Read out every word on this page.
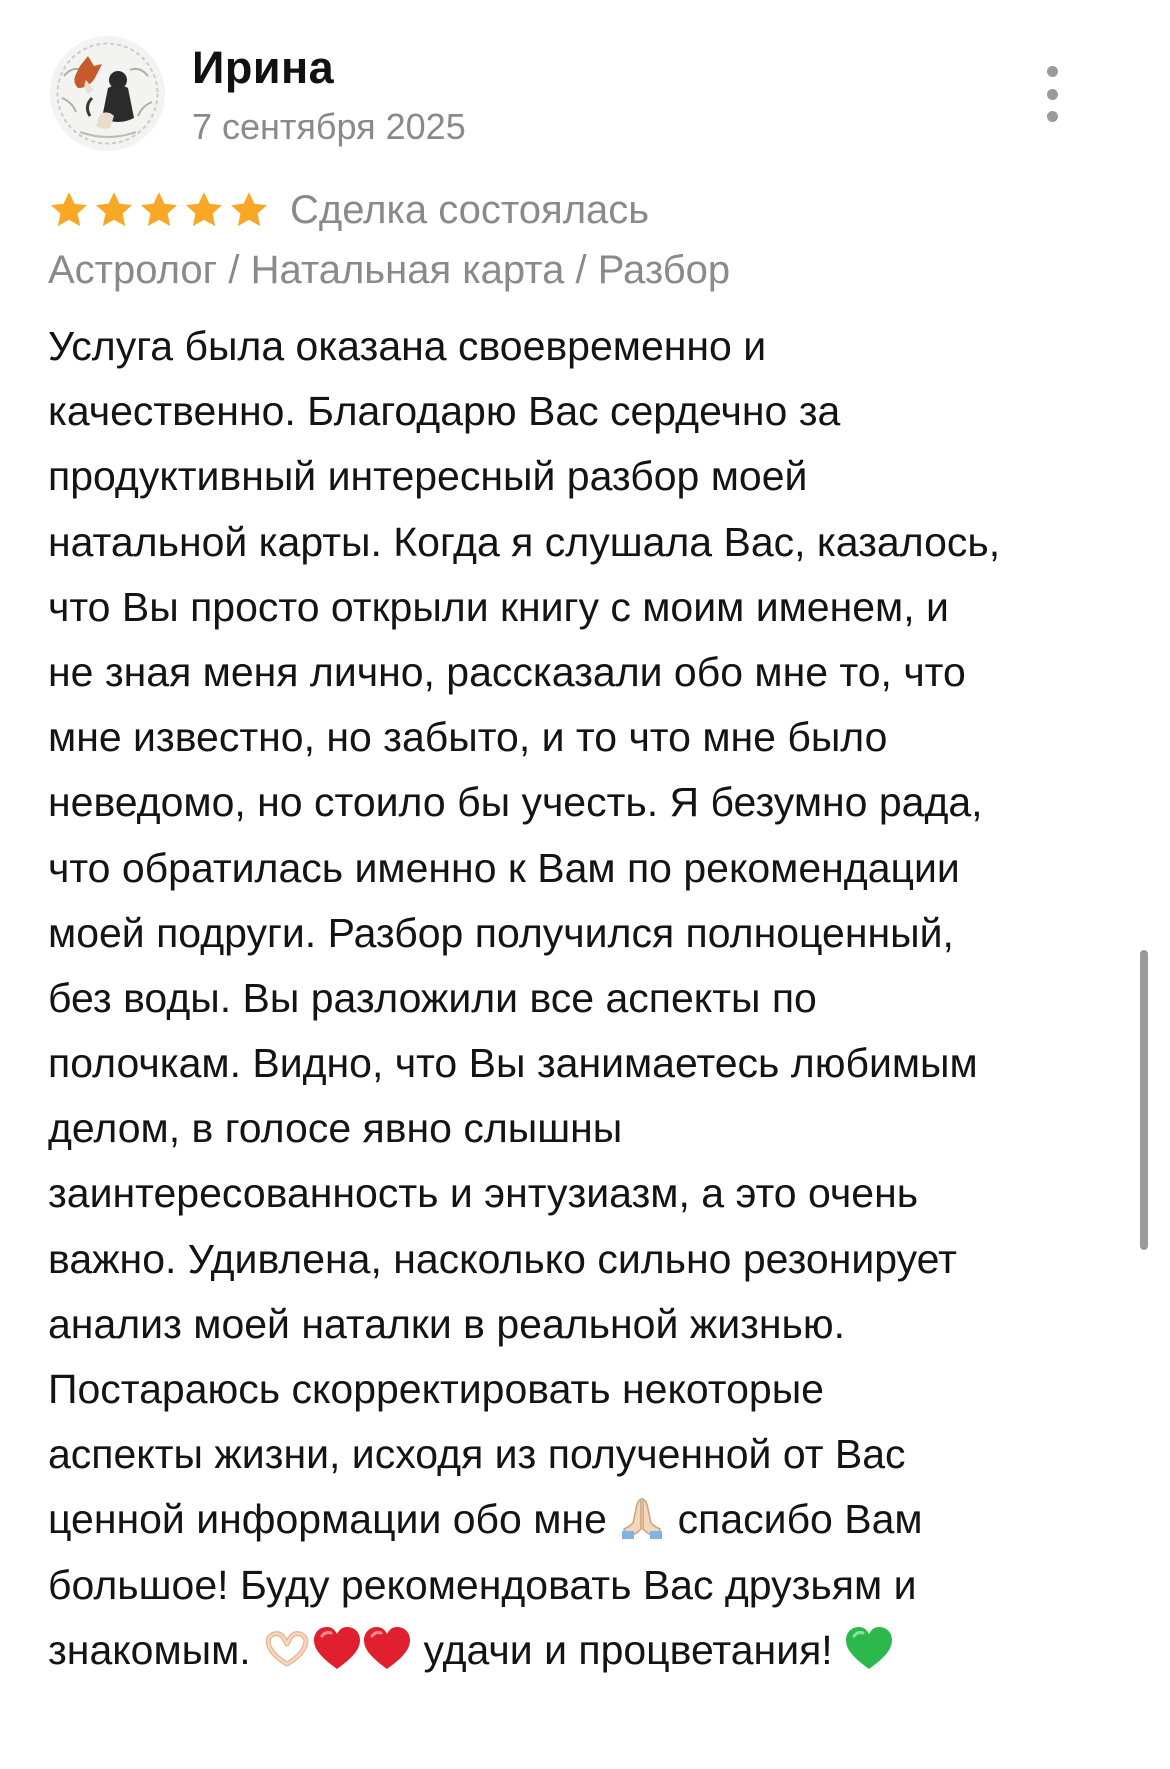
Ирина
7 сентября 2025
Сделка состоялась
Астролог / Натальная карта / Разбор
Услуга была оказана своевременно и
качественно. Благодарю Вас сердечно за
продуктивный интересный разбор моей
натальной карты. Когда я слушала Вас, казалось,
что Вы просто открыли книгу с моим именем, и
не зная меня лично, рассказали обо мне то, что
мне известно, но забыто, и то что мне было
неведомо, но стоило бы учесть. Я безумно рада,
что обратилась именно к Вам по рекомендации
моей подруги. Разбор получился полноценный,
без воды. Вы разложили все аспекты по
полочкам. Видно, что Вы занимаетесь любимым
делом, в голосе явно слышны
заинтересованность и энтузиазм, а это очень
важно. Удивлена, насколько сильно резонирует
анализ моей наталки в реальной жизнью.
Постараюсь скорректировать некоторые
аспекты жизни, исходя из полученной от Вас
ценной информации обо мне  спасибо Вам
большое! Буду рекомендовать Вас друзьям и
знакомым.	удачи и процветания!
